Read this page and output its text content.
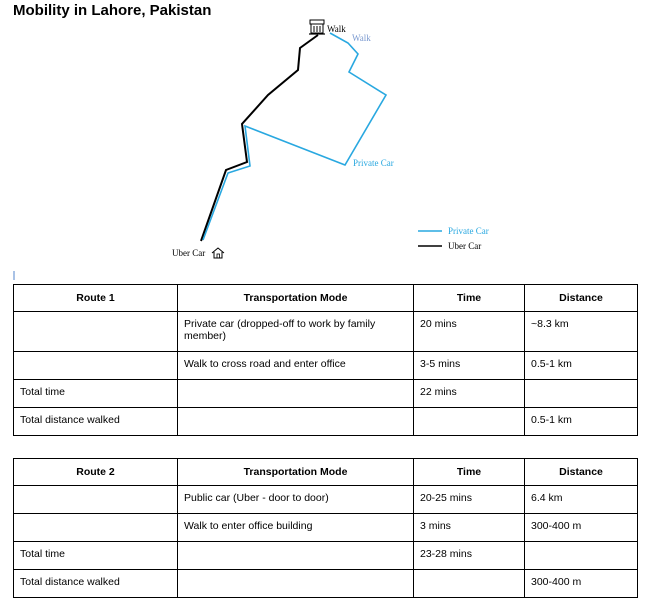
Mobility in Lahore, Pakistan
Walk
Walk
Private Car
Uber Car
Private Car
Uber Car
Route 1	Transportation Mode	Time	Distance
	Private car (dropped-off to work by family member)	20 mins	~8.3 km
	Walk to cross road and enter office	3-5 mins	0.5-1 km
Total time		22 mins	
Total distance walked			0.5-1 km
Route 2	Transportation Mode	Time	Distance
	Public car (Uber - door to door)	20-25 mins	6.4 km
	Walk to enter office building	3 mins	300-400 m
Total time		23-28 mins	
Total distance walked			300-400 m
